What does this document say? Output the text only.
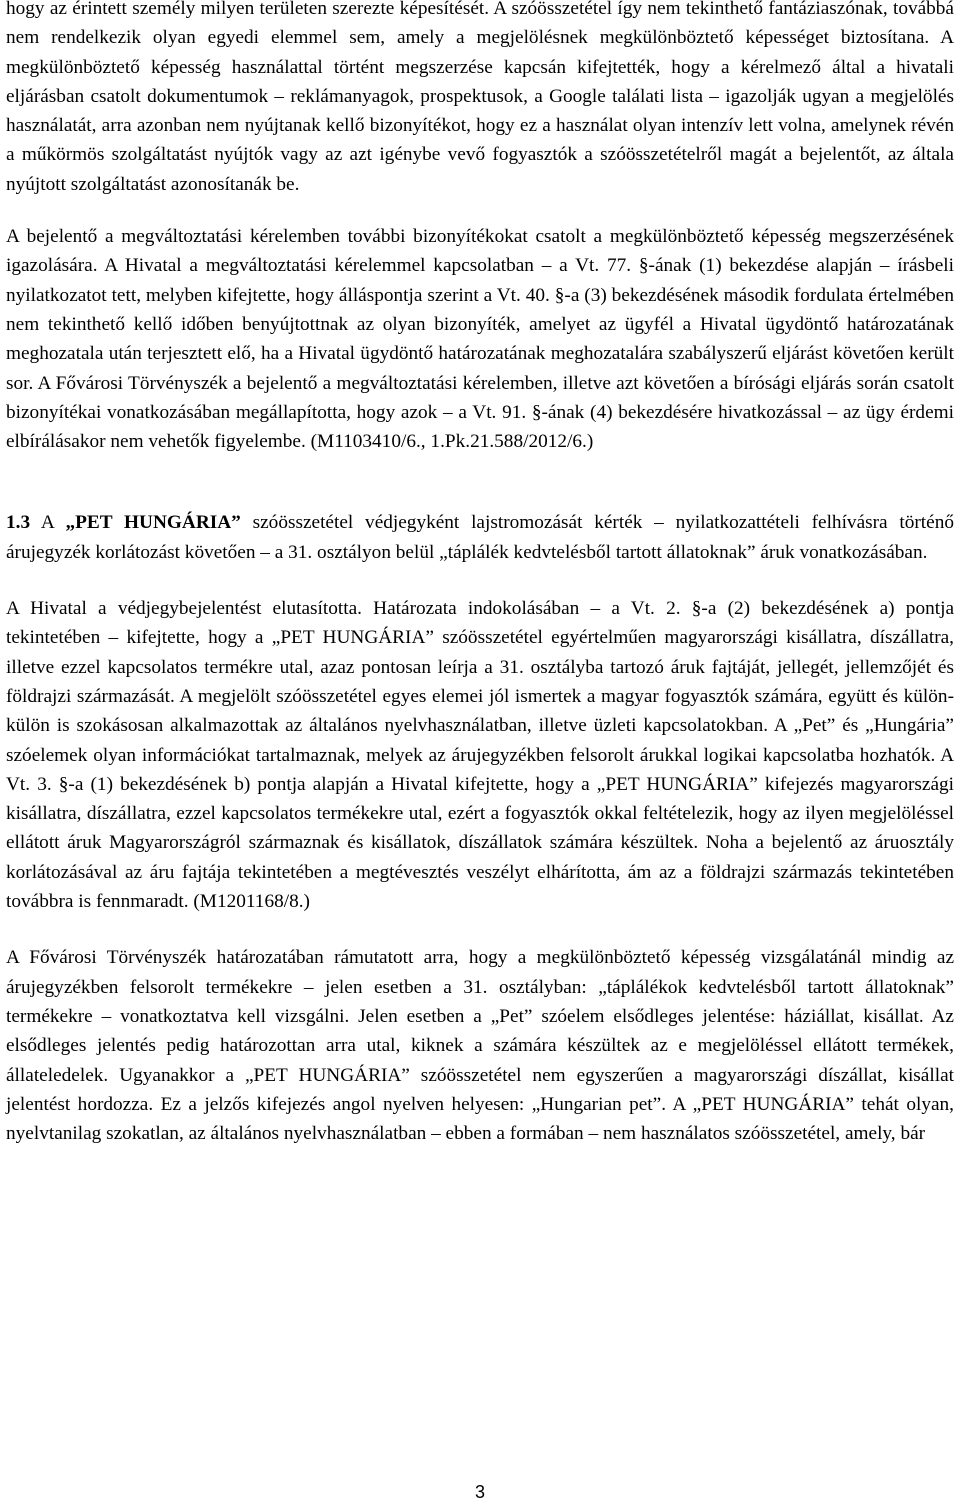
hogy az érintett személy milyen területen szerezte képesítését. A szóösszetétel így nem tekinthető fantáziaszónak, továbbá nem rendelkezik olyan egyedi elemmel sem, amely a megjelölésnek megkülönböztető képességet biztosítana. A megkülönböztető képesség használattal történt megszerzése kapcsán kifejtették, hogy a kérelmező által a hivatali eljárásban csatolt dokumentumok – reklámanyagok, prospektusok, a Google találati lista – igazolják ugyan a megjelölés használatát, arra azonban nem nyújtanak kellő bizonyítékot, hogy ez a használat olyan intenzív lett volna, amelynek révén a műkörmös szolgáltatást nyújtók vagy az azt igénybe vevő fogyasztók a szóösszetételről magát a bejelentőt, az általa nyújtott szolgáltatást azonosítanák be.

A bejelentő a megváltoztatási kérelemben további bizonyítékokat csatolt a megkülönböztető képesség megszerzésének igazolására. A Hivatal a megváltoztatási kérelemmel kapcsolatban – a Vt. 77. §-ának (1) bekezdése alapján – írásbeli nyilatkozatot tett, melyben kifejtette, hogy álláspontja szerint a Vt. 40. §-a (3) bekezdésének második fordulata értelmében nem tekinthető kellő időben benyújtottnak az olyan bizonyíték, amelyet az ügyfél a Hivatal ügydöntő határozatának meghozatala után terjesztett elő, ha a Hivatal ügydöntő határozatának meghozatalára szabályszerű eljárást követően került sor. A Fővárosi Törvényszék a bejelentő a megváltoztatási kérelemben, illetve azt követően a bírósági eljárás során csatolt bizonyítékai vonatkozásában megállapította, hogy azok – a Vt. 91. §-ának (4) bekezdésére hivatkozással – az ügy érdemi elbírálásakor nem vehetők figyelembe. (M1103410/6., 1.Pk.21.588/2012/6.)

1.3 A „PET HUNGÁRIA” szóösszetétel védjegyként lajstromozását kérték – nyilatkozattételi felhívásra történő árujegyzék korlátozást követően – a 31. osztályon belül „táplálék kedvtelésből tartott állatoknak” áruk vonatkozásában.

A Hivatal a védjegybejelentést elutasította. Határozata indokolásában – a Vt. 2. §-a (2) bekezdésének a) pontja tekintetében – kifejtette, hogy a „PET HUNGÁRIA” szóösszetétel egyértelműen magyarországi kisállatra, díszállatra, illetve ezzel kapcsolatos termékre utal, azaz pontosan leírja a 31. osztályba tartozó áruk fajtáját, jellegét, jellemzőjét és földrajzi származását. A megjelölt szóösszetétel egyes elemei jól ismertek a magyar fogyasztók számára, együtt és külön-külön is szokásosan alkalmazottak az általános nyelvhasználatban, illetve üzleti kapcsolatokban. A „Pet” és „Hungária” szóelemek olyan információkat tartalmaznak, melyek az árujegyzékben felsorolt árukkal logikai kapcsolatba hozhatók. A Vt. 3. §-a (1) bekezdésének b) pontja alapján a Hivatal kifejtette, hogy a „PET HUNGÁRIA” kifejezés magyarországi kisállatra, díszállatra, ezzel kapcsolatos termékekre utal, ezért a fogyasztók okkal feltételezik, hogy az ilyen megjelöléssel ellátott áruk Magyarországról származnak és kisállatok, díszállatok számára készültek. Noha a bejelentő az áruosztály korlátozásával az áru fajtája tekintetében a megtévesztés veszélyt elhárította, ám az a földrajzi származás tekintetében továbbra is fennmaradt. (M1201168/8.)

A Fővárosi Törvényszék határozatában rámutatott arra, hogy a megkülönböztető képesség vizsgálatánál mindig az árujegyzékben felsorolt termékekre – jelen esetben a 31. osztályban: „táplálékok kedvtelésből tartott állatoknak” termékekre – vonatkoztatva kell vizsgálni. Jelen esetben a „Pet” szóelem elsődleges jelentése: háziállat, kisállat. Az elsődleges jelentés pedig határozottan arra utal, kiknek a számára készültek az e megjelöléssel ellátott termékek, állateledelek. Ugyanakkor a „PET HUNGÁRIA” szóösszetétel nem egyszerűen a magyarországi díszállat, kisállat jelentést hordozza. Ez a jelzős kifejezés angol nyelven helyesen: „Hungarian pet”. A „PET HUNGÁRIA” tehát olyan, nyelvtanilag szokatlan, az általános nyelvhasználatban – ebben a formában – nem használatos szóösszetétel, amely, bár

3
